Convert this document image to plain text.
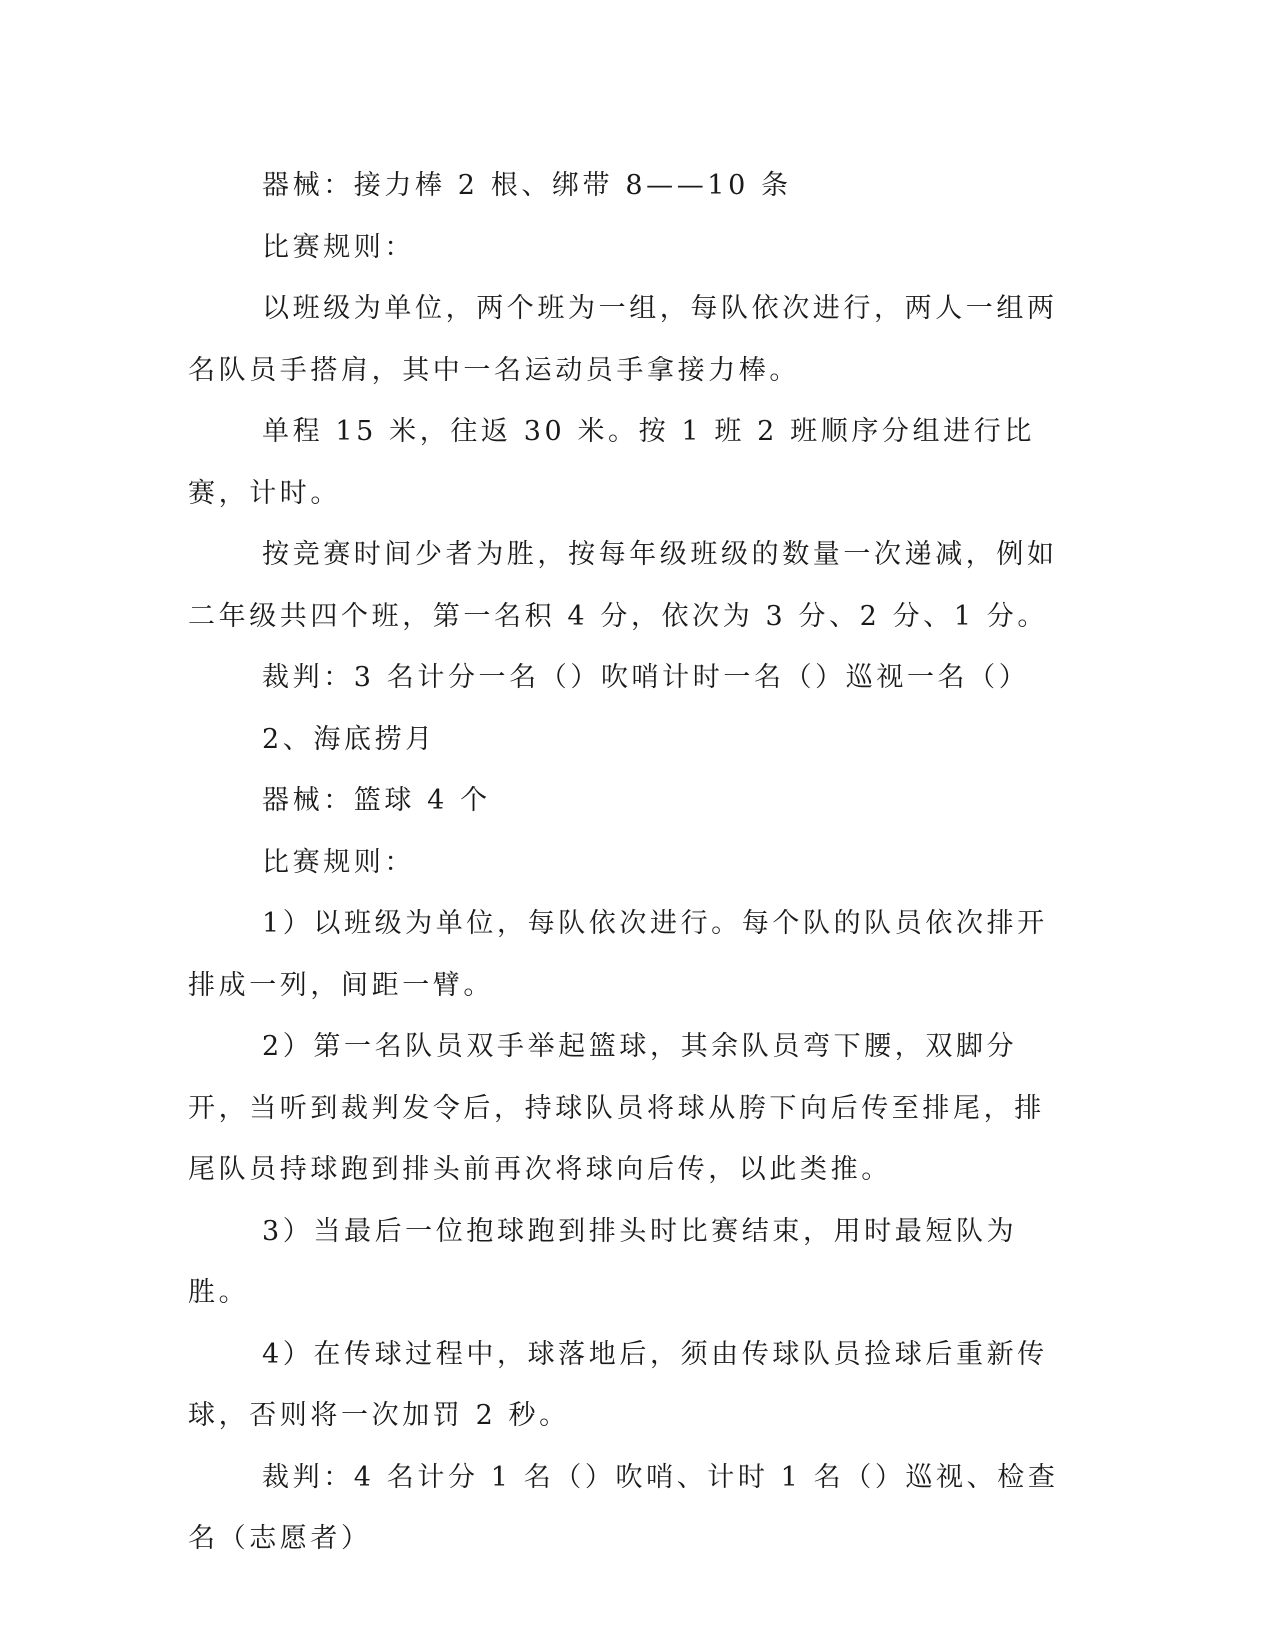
器械：接力棒 2 根、绑带 8——10 条

比赛规则：

以班级为单位，两个班为一组，每队依次进行，两人一组两名队员手搭肩，其中一名运动员手拿接力棒。

单程 15 米，往返 30 米。按 1 班 2 班顺序分组进行比赛，计时。

按竞赛时间少者为胜，按每年级班级的数量一次递减，例如二年级共四个班，第一名积 4 分，依次为 3 分、2 分、1 分。

裁判：3 名计分一名（）吹哨计时一名（）巡视一名（）

2、海底捞月

器械：篮球 4 个

比赛规则：

1）以班级为单位，每队依次进行。每个队的队员依次排开排成一列，间距一臂。

2）第一名队员双手举起篮球，其余队员弯下腰，双脚分开，当听到裁判发令后，持球队员将球从胯下向后传至排尾，排尾队员持球跑到排头前再次将球向后传，以此类推。

3）当最后一位抱球跑到排头时比赛结束，用时最短队为胜。

4）在传球过程中，球落地后，须由传球队员捡球后重新传球，否则将一次加罚 2 秒。

裁判：4 名计分 1 名（）吹哨、计时 1 名（）巡视、检查名（志愿者）
